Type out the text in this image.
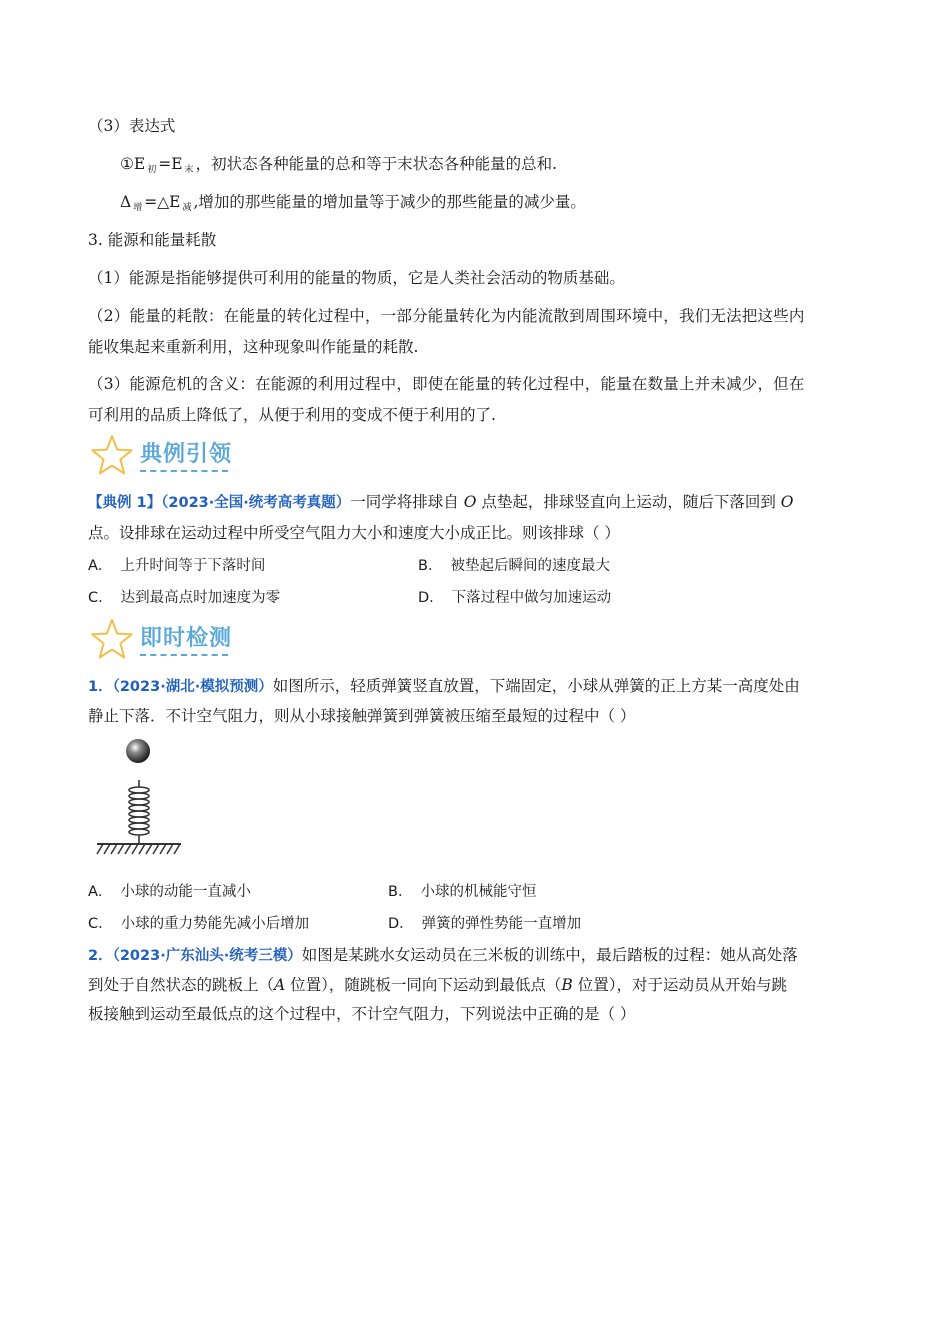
（3）表达式
①E 初 =E 末 ，初状态各种能量的总和等于末状态各种能量的总和.
Δ增 =△E 减 ,增加的那些能量的增加量等于减少的那些能量的减少量。
3. 能源和能量耗散
（1）能源是指能够提供可利用的能量的物质，它是人类社会活动的物质基础。
（2）能量的耗散：在能量的转化过程中，一部分能量转化为内能流散到周围环境中，我们无法把这些内
能收集起来重新利用，这种现象叫作能量的耗散.
（3）能源危机的含义：在能源的利用过程中，即使在能量的转化过程中，能量在数量上并未减少，但在
可利用的品质上降低了，从便于利用的变成不便于利用的了.
典例引领
【典例 1】（2023·全国·统考高考真题）一同学将排球自 O 点垫起，排球竖直向上运动，随后下落回到 O
点。设排球在运动过程中所受空气阻力大小和速度大小成正比。则该排球（ ）
A． 上升时间等于下落时间	B． 被垫起后瞬间的速度最大
C． 达到最高点时加速度为零	D． 下落过程中做匀加速运动
即时检测
1．（2023·湖北·模拟预测）如图所示，轻质弹簧竖直放置，下端固定，小球从弹簧的正上方某一高度处由
静止下落．不计空气阻力，则从小球接触弹簧到弹簧被压缩至最短的过程中（ ）
A． 小球的动能一直减小	B． 小球的机械能守恒
C． 小球的重力势能先减小后增加	D． 弹簧的弹性势能一直增加
2．（2023·广东汕头·统考三模）如图是某跳水女运动员在三米板的训练中，最后踏板的过程：她从高处落
到处于自然状态的跳板上（A 位置），随跳板一同向下运动到最低点（B 位置），对于运动员从开始与跳
板接触到运动至最低点的这个过程中，不计空气阻力，下列说法中正确的是（ ）
